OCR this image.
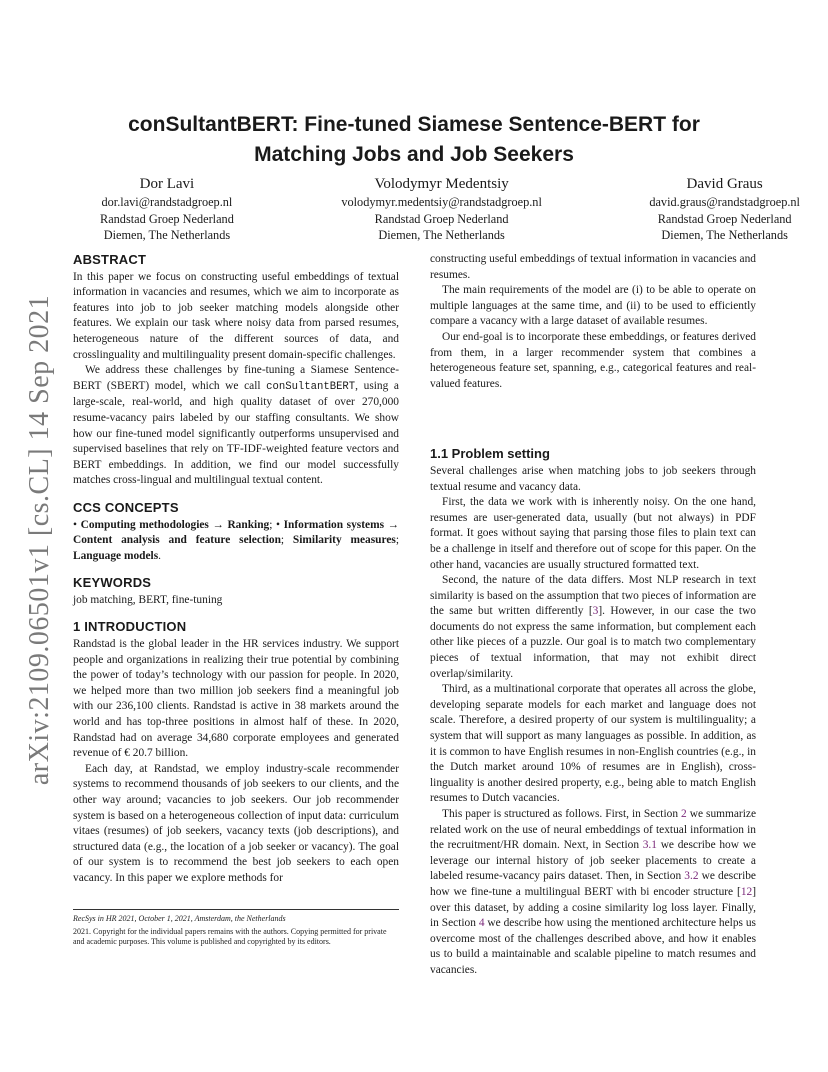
arXiv:2109.06501v1 [cs.CL] 14 Sep 2021
conSultantBERT: Fine-tuned Siamese Sentence-BERT for
Matching Jobs and Job Seekers
Dor Lavi
dor.lavi@randstadgroep.nl
Randstad Groep Nederland
Diemen, The Netherlands
Volodymyr Medentsiy
volodymyr.medentsiy@randstadgroep.nl
Randstad Groep Nederland
Diemen, The Netherlands
David Graus
david.graus@randstadgroep.nl
Randstad Groep Nederland
Diemen, The Netherlands
ABSTRACT

In this paper we focus on constructing useful embeddings of textual information in vacancies and resumes, which we aim to incorporate as features into job to job seeker matching models alongside other features. We explain our task where noisy data from parsed resumes, heterogeneous nature of the different sources of data, and crosslinguality and multilinguality present domain-specific challenges.

We address these challenges by fine-tuning a Siamese Sentence-BERT (SBERT) model, which we call conSultantBERT, using a large-scale, real-world, and high quality dataset of over 270,000 resume-vacancy pairs labeled by our staffing consultants. We show how our fine-tuned model significantly outperforms unsupervised and supervised baselines that rely on TF-IDF-weighted feature vectors and BERT embeddings. In addition, we find our model successfully matches cross-lingual and multilingual textual content.

CCS CONCEPTS

• Computing methodologies → Ranking; • Information systems → Content analysis and feature selection; Similarity measures; Language models.

KEYWORDS

job matching, BERT, fine-tuning

1 INTRODUCTION

Randstad is the global leader in the HR services industry. We support people and organizations in realizing their true potential by combining the power of today’s technology with our passion for people. In 2020, we helped more than two million job seekers find a meaningful job with our 236,100 clients. Randstad is active in 38 markets around the world and has top-three positions in almost half of these. In 2020, Randstad had on average 34,680 corporate employees and generated revenue of € 20.7 billion.

Each day, at Randstad, we employ industry-scale recommender systems to recommend thousands of job seekers to our clients, and the other way around; vacancies to job seekers. Our job recommender system is based on a heterogeneous collection of input data: curriculum vitaes (resumes) of job seekers, vacancy texts (job descriptions), and structured data (e.g., the location of a job seeker or vacancy). The goal of our system is to recommend the best job seekers to each open vacancy. In this paper we explore methods for

constructing useful embeddings of textual information in vacancies and resumes.

The main requirements of the model are (i) to be able to operate on multiple languages at the same time, and (ii) to be used to efficiently compare a vacancy with a large dataset of available resumes.

Our end-goal is to incorporate these embeddings, or features derived from them, in a larger recommender system that combines a heterogeneous feature set, spanning, e.g., categorical features and real-valued features.

1.1 Problem setting

Several challenges arise when matching jobs to job seekers through textual resume and vacancy data.

First, the data we work with is inherently noisy. On the one hand, resumes are user-generated data, usually (but not always) in PDF format. It goes without saying that parsing those files to plain text can be a challenge in itself and therefore out of scope for this paper. On the other hand, vacancies are usually structured formatted text.

Second, the nature of the data differs. Most NLP research in text similarity is based on the assumption that two pieces of information are the same but written differently [3]. However, in our case the two documents do not express the same information, but complement each other like pieces of a puzzle. Our goal is to match two complementary pieces of textual information, that may not exhibit direct overlap/similarity.

Third, as a multinational corporate that operates all across the globe, developing separate models for each market and language does not scale. Therefore, a desired property of our system is multilinguality; a system that will support as many languages as possible. In addition, as it is common to have English resumes in non-English countries (e.g., in the Dutch market around 10% of resumes are in English), cross-linguality is another desired property, e.g., being able to match English resumes to Dutch vacancies.

This paper is structured as follows. First, in Section 2 we summarize related work on the use of neural embeddings of textual information in the recruitment/HR domain. Next, in Section 3.1 we describe how we leverage our internal history of job seeker placements to create a labeled resume-vacancy pairs dataset. Then, in Section 3.2 we describe how we fine-tune a multilingual BERT with bi encoder structure [12] over this dataset, by adding a cosine similarity log loss layer. Finally, in Section 4 we describe how using the mentioned architecture helps us overcome most of the challenges described above, and how it enables us to build a maintainable and scalable pipeline to match resumes and vacancies.

RecSys in HR 2021, October 1, 2021, Amsterdam, the Netherlands
2021. Copyright for the individual papers remains with the authors. Copying permitted for private and academic purposes. This volume is published and copyrighted by its editors.
